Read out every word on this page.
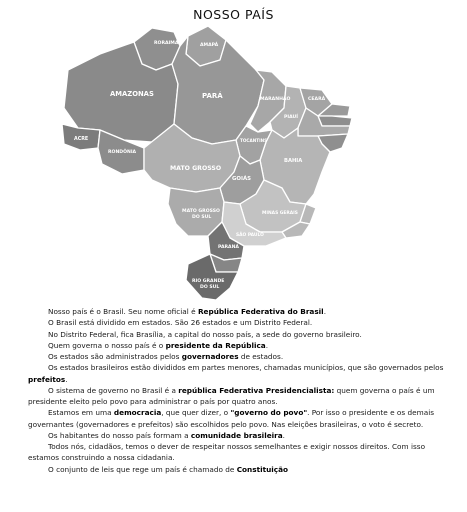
NOSSO PAÍS
RORAIMA	AMAPÁ
AMAZONAS	PARÁ
ACRE
RONDÔNIA
MARANHÃO
PIAUÍ
CEARÁ
TOCANTINS
BAHIA
MATO GROSSO
GOIÁS
MATO GROSSO DO SUL
MINAS GERAIS
SÃO PAULO
PARANÁ
RIO GRANDE DO SUL

Nosso país é o Brasil. Seu nome oficial é República Federativa do Brasil.

O Brasil está dividido em estados. São 26 estados e um Distrito Federal.

No Distrito Federal, fica Brasília, a capital do nosso país, a sede do governo brasileiro.

Quem governa o nosso país é o presidente da República.

Os estados são administrados pelos governadores de estados.

Os estados brasileiros estão divididos em partes menores, chamadas municípios, que são governados pelos prefeitos.

O sistema de governo no Brasil é a república Federativa Presidencialista: quem governa o país é um presidente eleito pelo povo para administrar o país por quatro anos.

Estamos em uma democracia, que quer dizer, o "governo do povo". Por isso o presidente e os demais governantes (governadores e prefeitos) são escolhidos pelo povo. Nas eleições brasileiras, o voto é secreto.

Os habitantes do nosso país formam a comunidade brasileira.

Todos nós, cidadãos, temos o dever de respeitar nossos semelhantes e exigir nossos direitos. Com isso estamos construindo a nossa cidadania.

O conjunto de leis que rege um país é chamado de Constituição
